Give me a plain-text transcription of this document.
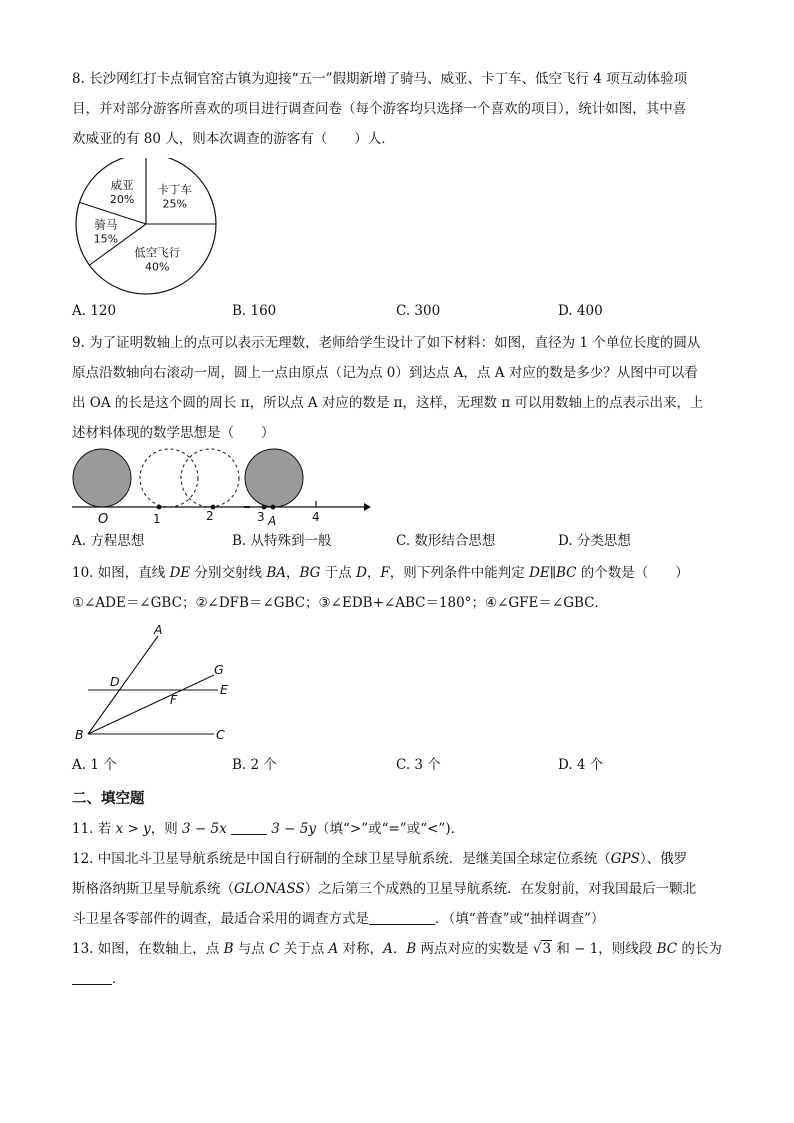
8. 长沙网红打卡点铜官窑古镇为迎接“五一”假期新增了骑马、威亚、卡丁车、低空飞行 4 项互动体验项
目，并对部分游客所喜欢的项目进行调查问卷（每个游客均只选择一个喜欢的项目），统计如图，其中喜
欢威亚的有 80 人，则本次调查的游客有（　　）人．
卡丁车
25%
低空飞行
40%
骑马
15%
威亚
20%
A. 120	B. 160	C. 300	D. 400
9. 为了证明数轴上的点可以表示无理数，老师给学生设计了如下材料：如图，直径为 1 个单位长度的圆从
原点沿数轴向右滚动一周，圆上一点由原点（记为点 0）到达点 A，点 A 对应的数是多少？从图中可以看
出 OA 的长是这个圆的周长 π，所以点 A 对应的数是 π，这样，无理数 π 可以用数轴上的点表示出来，上
述材料体现的数学思想是（　　）
O	1	2	3 A	4
A. 方程思想	B. 从特殊到一般	C. 数形结合思想	D. 分类思想
10. 如图，直线 DE 分别交射线 BA，BG 于点 D，F，则下列条件中能判定 DE∥BC 的个数是（　　）
①∠ADE＝∠GBC；②∠DFB＝∠GBC；③∠EDB+∠ABC＝180°；④∠GFE＝∠GBC．
A
D
G
F
E
B	C
A. 1 个	B. 2 个	C. 3 个	D. 4 个
二、填空题
11. 若 x > y，则 3 − 5x	3 − 5y（填“>”或“=”或“<”)．
12. 中国北斗卫星导航系统是中国自行研制的全球卫星导航系统．是继美国全球定位系统（GPS）、俄罗
斯格洛纳斯卫星导航系统（GLONASS）之后第三个成熟的卫星导航系统．在发射前，对我国最后一颗北
斗卫星各零部件的调查，最适合采用的调查方式是	．（填“普查”或“抽样调查”）
13. 如图，在数轴上，点 B 与点 C 关于点 A 对称，A．B 两点对应的实数是 √3 和 − 1，则线段 BC 的长为
．
